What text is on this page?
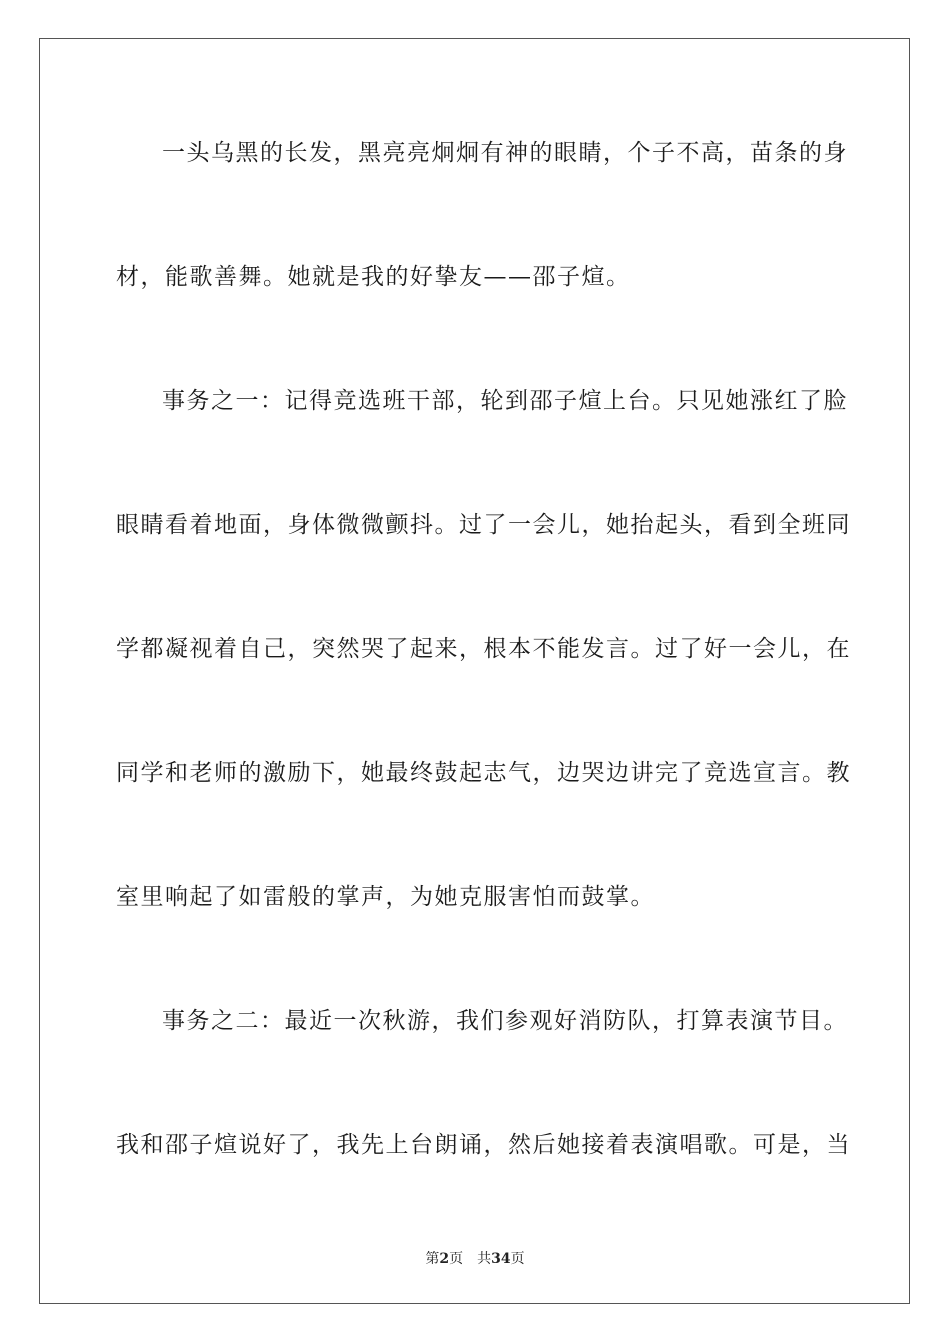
一头乌黑的长发，黑亮亮炯炯有神的眼睛，个子不高，苗条的身
材，能歌善舞。她就是我的好挚友——邵子煊。
事务之一：记得竞选班干部，轮到邵子煊上台。只见她涨红了脸
眼睛看着地面，身体微微颤抖。过了一会儿，她抬起头，看到全班同
学都凝视着自己，突然哭了起来，根本不能发言。过了好一会儿，在
同学和老师的激励下，她最终鼓起志气，边哭边讲完了竞选宣言。教
室里响起了如雷般的掌声，为她克服害怕而鼓掌。
事务之二：最近一次秋游，我们参观好消防队，打算表演节目。
我和邵子煊说好了，我先上台朗诵，然后她接着表演唱歌。可是，当
第2页 共34页
